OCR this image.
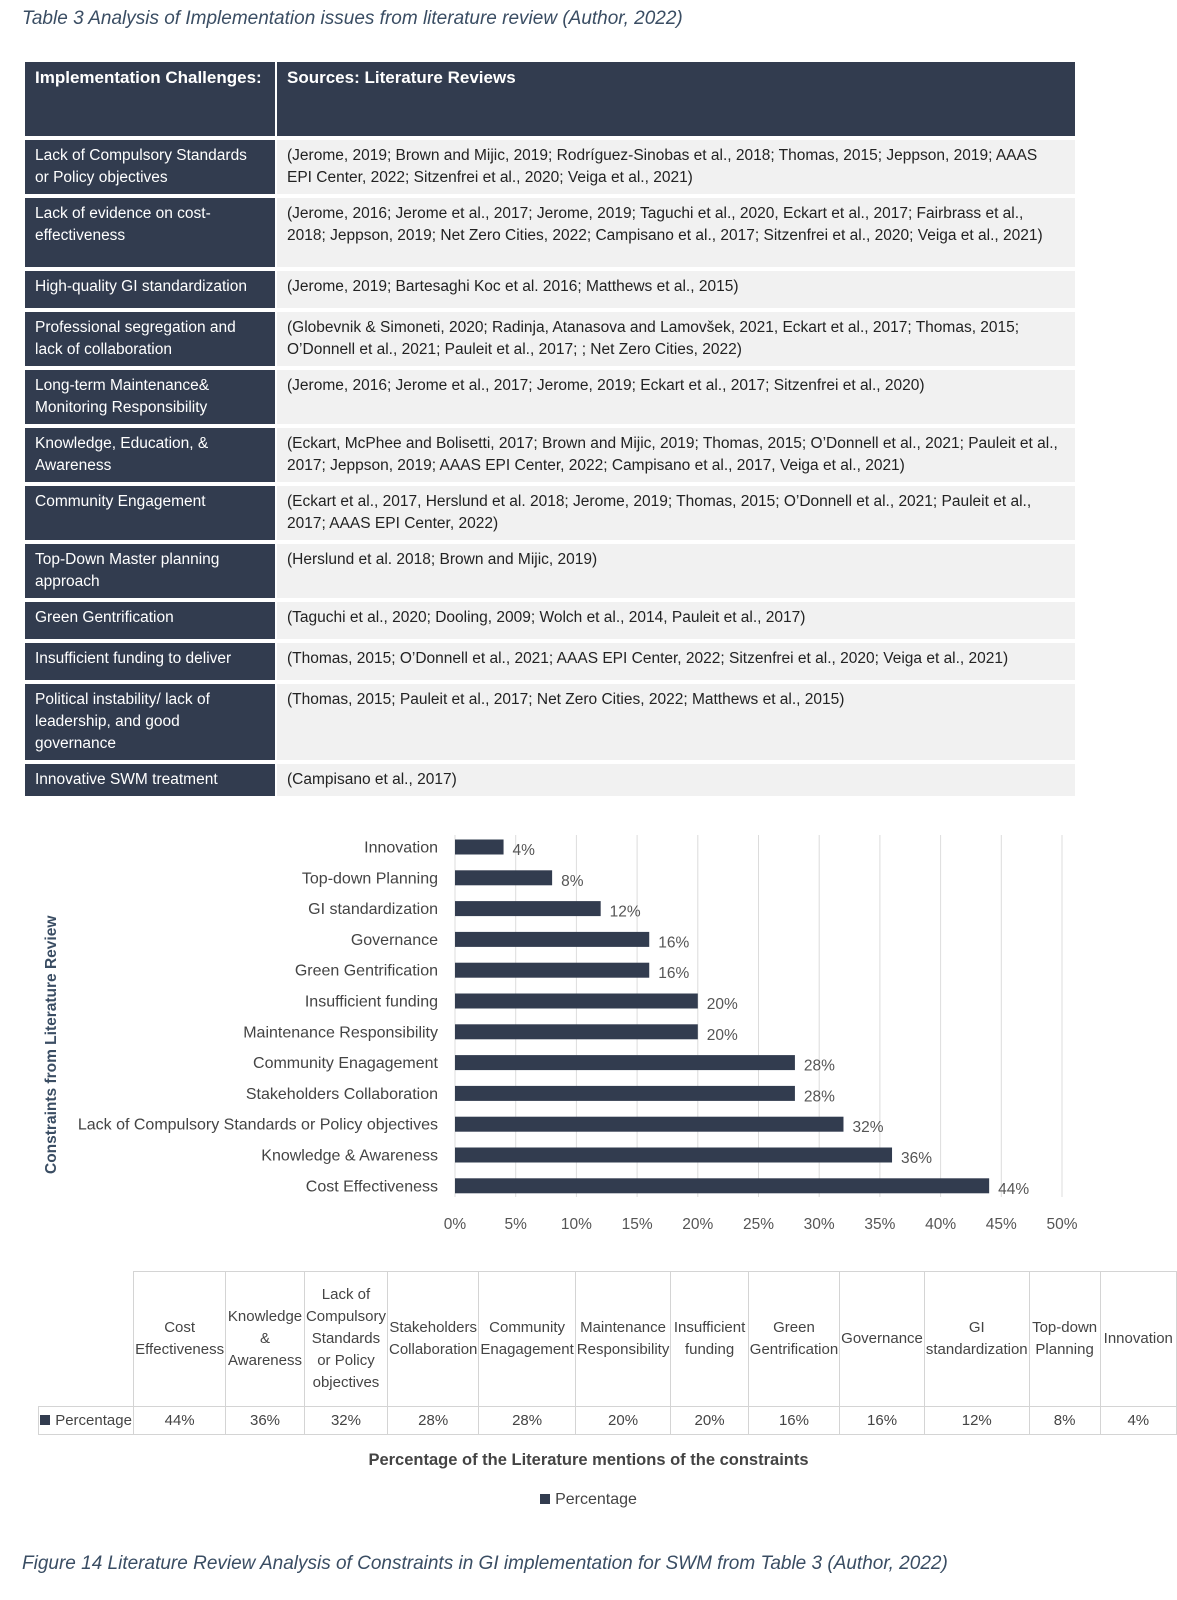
Table 3 Analysis of Implementation issues from literature review (Author, 2022)
Implementation Challenges:	Sources: Literature Reviews
Lack of Compulsory Standards or Policy objectives	(Jerome, 2019; Brown and Mijic, 2019; Rodríguez-Sinobas et al., 2018; Thomas, 2015; Jeppson, 2019; AAAS EPI Center, 2022; Sitzenfrei et al., 2020; Veiga et al., 2021)
Lack of evidence on cost-effectiveness	(Jerome, 2016; Jerome et al., 2017; Jerome, 2019; Taguchi et al., 2020, Eckart et al., 2017; Fairbrass et al., 2018; Jeppson, 2019; Net Zero Cities, 2022; Campisano et al., 2017; Sitzenfrei et al., 2020; Veiga et al., 2021)
High-quality GI standardization	(Jerome, 2019; Bartesaghi Koc et al. 2016; Matthews et al., 2015)
Professional segregation and lack of collaboration	(Globevnik & Simoneti, 2020; Radinja, Atanasova and Lamovšek, 2021, Eckart et al., 2017; Thomas, 2015; O’Donnell et al., 2021; Pauleit et al., 2017; ; Net Zero Cities, 2022)
Long-term Maintenance& Monitoring Responsibility	(Jerome, 2016; Jerome et al., 2017; Jerome, 2019; Eckart et al., 2017; Sitzenfrei et al., 2020)
Knowledge, Education, & Awareness	(Eckart, McPhee and Bolisetti, 2017; Brown and Mijic, 2019; Thomas, 2015; O’Donnell et al., 2021; Pauleit et al., 2017; Jeppson, 2019; AAAS EPI Center, 2022; Campisano et al., 2017, Veiga et al., 2021)
Community Engagement	(Eckart et al., 2017, Herslund et al. 2018; Jerome, 2019; Thomas, 2015; O’Donnell et al., 2021; Pauleit et al., 2017; AAAS EPI Center, 2022)
Top-Down Master planning approach	(Herslund et al. 2018; Brown and Mijic, 2019)
Green Gentrification	(Taguchi et al., 2020; Dooling, 2009; Wolch et al., 2014, Pauleit et al., 2017)
Insufficient funding to deliver	(Thomas, 2015; O’Donnell et al., 2021; AAAS EPI Center, 2022; Sitzenfrei et al., 2020; Veiga et al., 2021)
Political instability/ lack of leadership, and good governance	(Thomas, 2015; Pauleit et al., 2017; Net Zero Cities, 2022; Matthews et al., 2015)
Innovative SWM treatment	(Campisano et al., 2017)
0% 5% 10% 15% 20% 25% 30% 35% 40% 45% 50%
Innovation	4%
Top-down Planning	8%
GI standardization	12%
Governance	16%
Green Gentrification	16%
Insufficient funding	20%
Maintenance Responsibility	20%
Community Enagagement	28%
Stakeholders Collaboration	28%
Lack of Compulsory Standards or Policy objectives	32%
Knowledge & Awareness	36%
Cost Effectiveness	44%
Constraints from Literature Review
	Cost Effectiveness	Knowledge & Awareness	Lack of Compulsory Standards or Policy objectives	Stakeholders Collaboration	Community Enagagement	Maintenance Responsibility	Insufficient funding	Green Gentrification	Governance	GI standardization	Top-down Planning	Innovation
Percentage	44%	36%	32%	28%	28%	20%	20%	16%	16%	12%	8%	4%
Percentage of the Literature mentions of the constraints
Percentage
Figure 14 Literature Review Analysis of Constraints in GI implementation for SWM from Table 3 (Author, 2022)
